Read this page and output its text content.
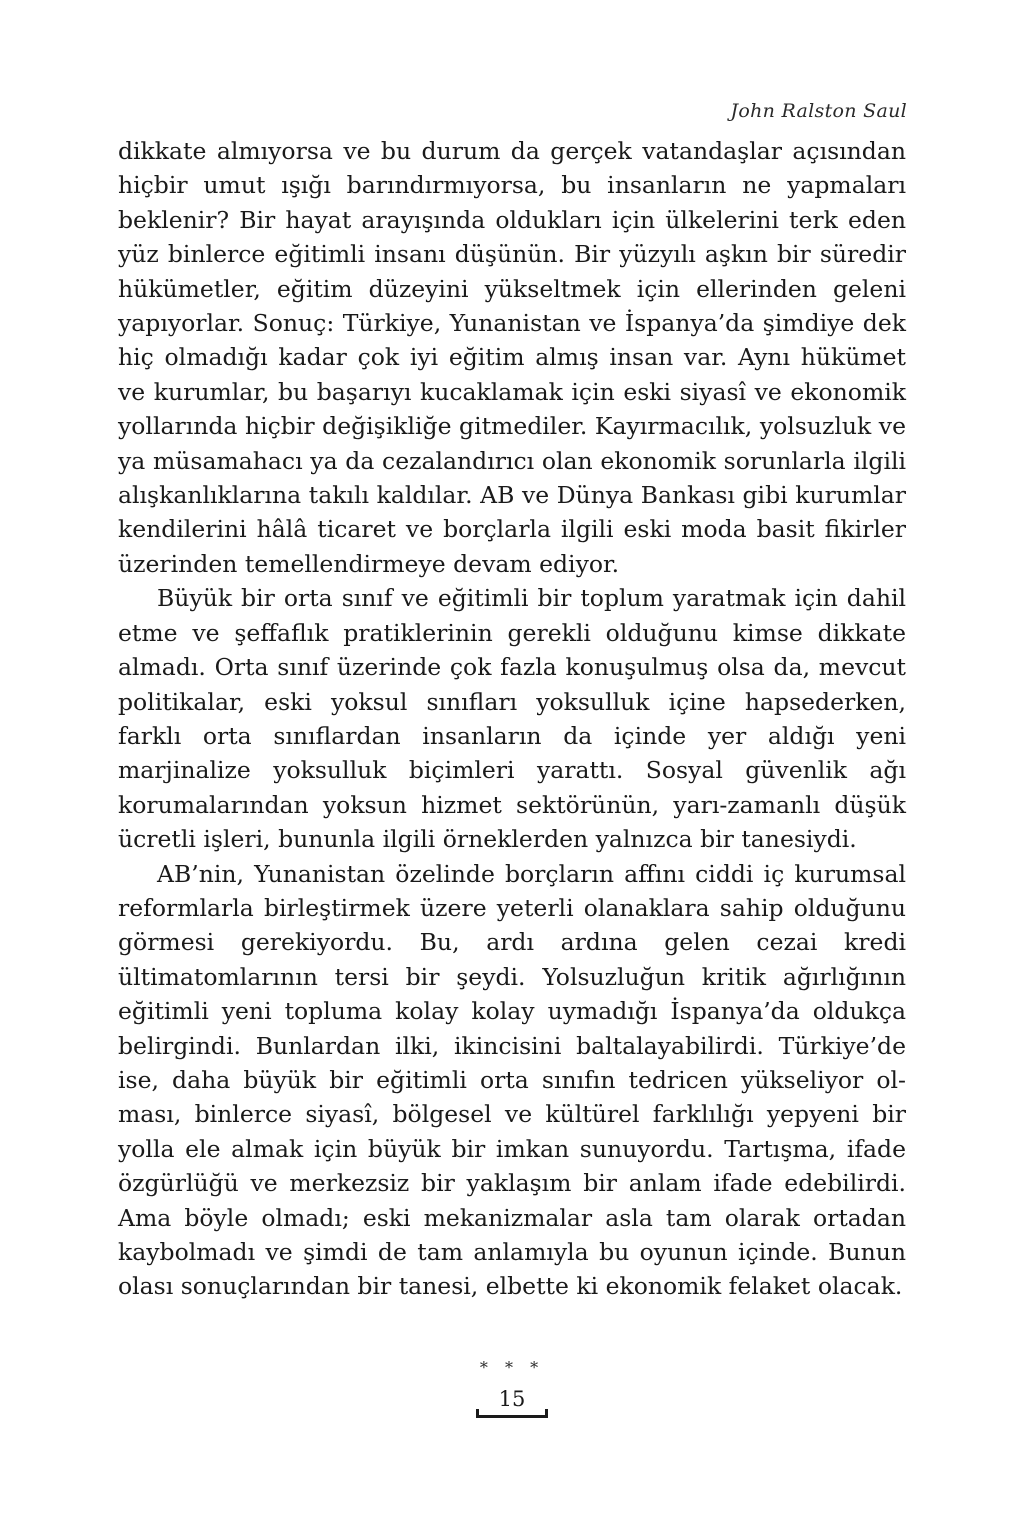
John Ralston Saul

dikkate almıyorsa ve bu durum da gerçek vatandaşlar açısından hiçbir umut ışığı barındırmıyorsa, bu insanların ne yapmaları beklenir? Bir hayat arayışında oldukları için ülkelerini terk eden yüz binlerce eğitimli insanı düşünün. Bir yüzyılı aşkın bir süredir hükümetler, eğitim düzeyini yükseltmek için ellerinden geleni yapıyorlar. Sonuç: Türkiye, Yunanistan ve İspanya’da şimdiye dek hiç olmadığı kadar çok iyi eğitim almış insan var. Aynı hükümet ve kurumlar, bu başarıyı kucaklamak için eski siyasî ve ekonomik yollarında hiçbir değişikliğe gitmediler. Kayırmacılık, yolsuzluk ve ya müsamahacı ya da cezalandırıcı olan ekonomik sorunlarla ilgili alışkanlıklarına takılı kaldılar. AB ve Dünya Bankası gibi kurumlar kendilerini hâlâ ticaret ve borçlarla ilgili eski moda basit fikirler üzerinden temellendirmeye devam ediyor.

Büyük bir orta sınıf ve eğitimli bir toplum yaratmak için dahil etme ve şeffaflık pratiklerinin gerekli olduğunu kimse dikkate almadı. Orta sınıf üzerinde çok fazla konuşulmuş olsa da, mevcut politikalar, eski yoksul sınıfları yoksulluk içine hapsederken, farklı orta sınıflardan insanların da içinde yer aldığı yeni marjinalize yoksulluk biçimleri yarattı. Sosyal güvenlik ağı korumalarından yoksun hizmet sektörünün, yarı-zamanlı düşük ücretli işleri, bununla ilgili örneklerden yalnızca bir tanesiydi.

AB’nin, Yunanistan özelinde borçların affını ciddi iç kurumsal reformlarla birleştirmek üzere yeterli olanaklara sahip olduğunu görmesi gerekiyordu. Bu, ardı ardına gelen cezai kredi ültimatomlarının tersi bir şeydi. Yolsuzluğun kritik ağırlığının eğitimli yeni topluma kolay kolay uymadığı İspanya’da oldukça belirgindi. Bunlardan ilki, ikincisini baltalayabilirdi. Türkiye’de ise, daha büyük bir eğitimli orta sınıfın tedricen yükseliyor olması, binlerce siyasî, bölgesel ve kültürel farklılığı yepyeni bir yolla ele almak için büyük bir imkan sunuyordu. Tartışma, ifade özgürlüğü ve merkezsiz bir yaklaşım bir anlam ifade edebilirdi. Ama böyle olmadı; eski mekanizmalar asla tam olarak ortadan kaybolmadı ve şimdi de tam anlamıyla bu oyunun içinde. Bunun olası sonuçlarından bir tanesi, elbette ki ekonomik felaket olacak.

* * *
15
